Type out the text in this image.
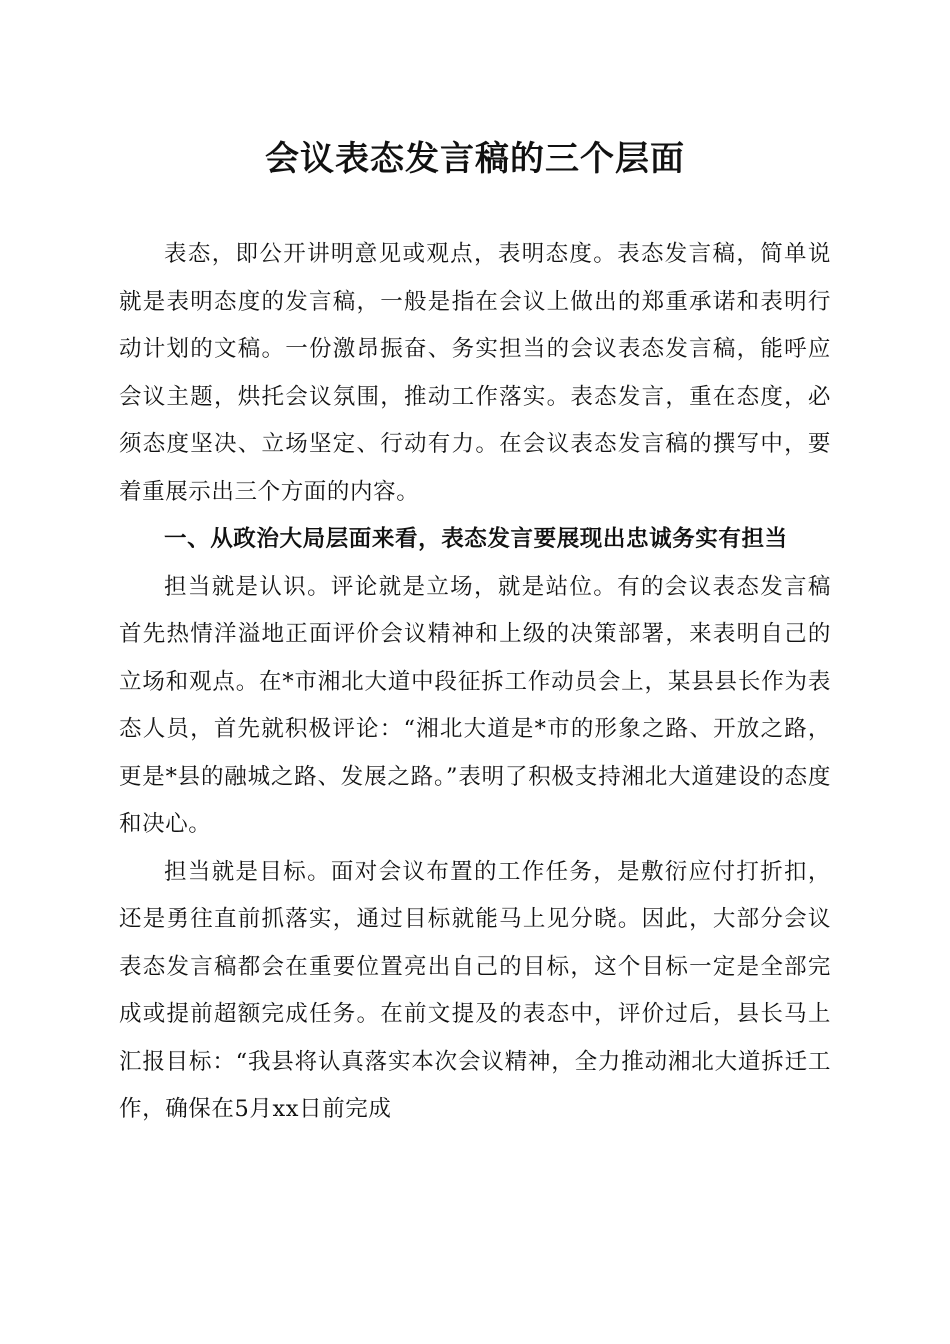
会议表态发言稿的三个层面

表态，即公开讲明意见或观点，表明态度。表态发言稿，简单说就是表明态度的发言稿，一般是指在会议上做出的郑重承诺和表明行动计划的文稿。一份激昂振奋、务实担当的会议表态发言稿，能呼应会议主题，烘托会议氛围，推动工作落实。表态发言，重在态度，必须态度坚决、立场坚定、行动有力。在会议表态发言稿的撰写中，要着重展示出三个方面的内容。

一、从政治大局层面来看，表态发言要展现出忠诚务实有担当

担当就是认识。评论就是立场，就是站位。有的会议表态发言稿首先热情洋溢地正面评价会议精神和上级的决策部署，来表明自己的立场和观点。在*市湘北大道中段征拆工作动员会上，某县县长作为表态人员，首先就积极评论：“湘北大道是*市的形象之路、开放之路，更是*县的融城之路、发展之路。”表明了积极支持湘北大道建设的态度和决心。

担当就是目标。面对会议布置的工作任务，是敷衍应付打折扣，还是勇往直前抓落实，通过目标就能马上见分晓。因此，大部分会议表态发言稿都会在重要位置亮出自己的目标，这个目标一定是全部完成或提前超额完成任务。在前文提及的表态中，评价过后，县长马上汇报目标：“我县将认真落实本次会议精神，全力推动湘北大道拆迁工作，确保在5月xx日前完成
